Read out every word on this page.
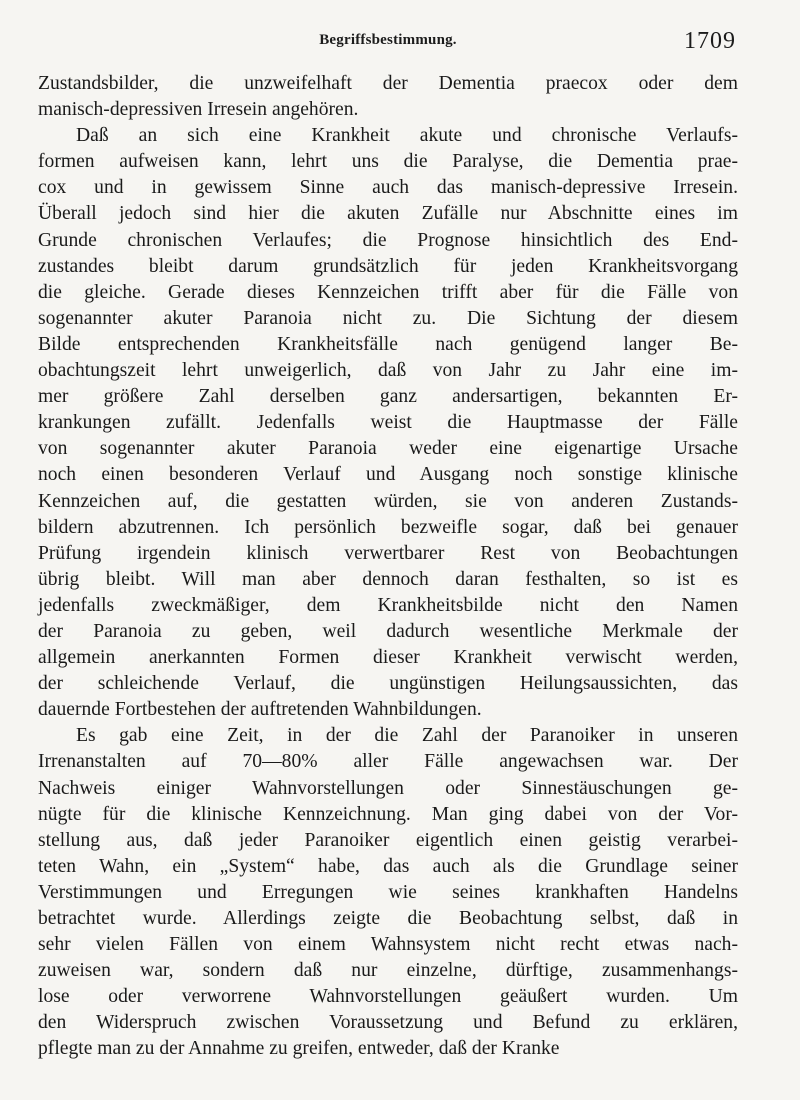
Begriffsbestimmung.	1709
Zustandsbilder, die unzweifelhaft der Dementia praecox oder dem
manisch-depressiven Irresein angehören.
Daß an sich eine Krankheit akute und chronische Verlaufs-
formen aufweisen kann, lehrt uns die Paralyse, die Dementia prae-
cox und in gewissem Sinne auch das manisch-depressive Irresein.
Überall jedoch sind hier die akuten Zufälle nur Abschnitte eines im
Grunde chronischen Verlaufes; die Prognose hinsichtlich des End-
zustandes bleibt darum grundsätzlich für jeden Krankheitsvorgang
die gleiche. Gerade dieses Kennzeichen trifft aber für die Fälle von
sogenannter akuter Paranoia nicht zu. Die Sichtung der diesem
Bilde entsprechenden Krankheitsfälle nach genügend langer Be-
obachtungszeit lehrt unweigerlich, daß von Jahr zu Jahr eine im-
mer größere Zahl derselben ganz andersartigen, bekannten Er-
krankungen zufällt. Jedenfalls weist die Hauptmasse der Fälle
von sogenannter akuter Paranoia weder eine eigenartige Ursache
noch einen besonderen Verlauf und Ausgang noch sonstige klinische
Kennzeichen auf, die gestatten würden, sie von anderen Zustands-
bildern abzutrennen. Ich persönlich bezweifle sogar, daß bei genauer
Prüfung irgendein klinisch verwertbarer Rest von Beobachtungen
übrig bleibt. Will man aber dennoch daran festhalten, so ist es
jedenfalls zweckmäßiger, dem Krankheitsbilde nicht den Namen
der Paranoia zu geben, weil dadurch wesentliche Merkmale der
allgemein anerkannten Formen dieser Krankheit verwischt werden,
der schleichende Verlauf, die ungünstigen Heilungsaussichten, das
dauernde Fortbestehen der auftretenden Wahnbildungen.
Es gab eine Zeit, in der die Zahl der Paranoiker in unseren
Irrenanstalten auf 70—80% aller Fälle angewachsen war. Der
Nachweis einiger Wahnvorstellungen oder Sinnestäuschungen ge-
nügte für die klinische Kennzeichnung. Man ging dabei von der Vor-
stellung aus, daß jeder Paranoiker eigentlich einen geistig verarbei-
teten Wahn, ein „System“ habe, das auch als die Grundlage seiner
Verstimmungen und Erregungen wie seines krankhaften Handelns
betrachtet wurde. Allerdings zeigte die Beobachtung selbst, daß in
sehr vielen Fällen von einem Wahnsystem nicht recht etwas nach-
zuweisen war, sondern daß nur einzelne, dürftige, zusammenhangs-
lose oder verworrene Wahnvorstellungen geäußert wurden. Um
den Widerspruch zwischen Voraussetzung und Befund zu erklären,
pflegte man zu der Annahme zu greifen, entweder, daß der Kranke
